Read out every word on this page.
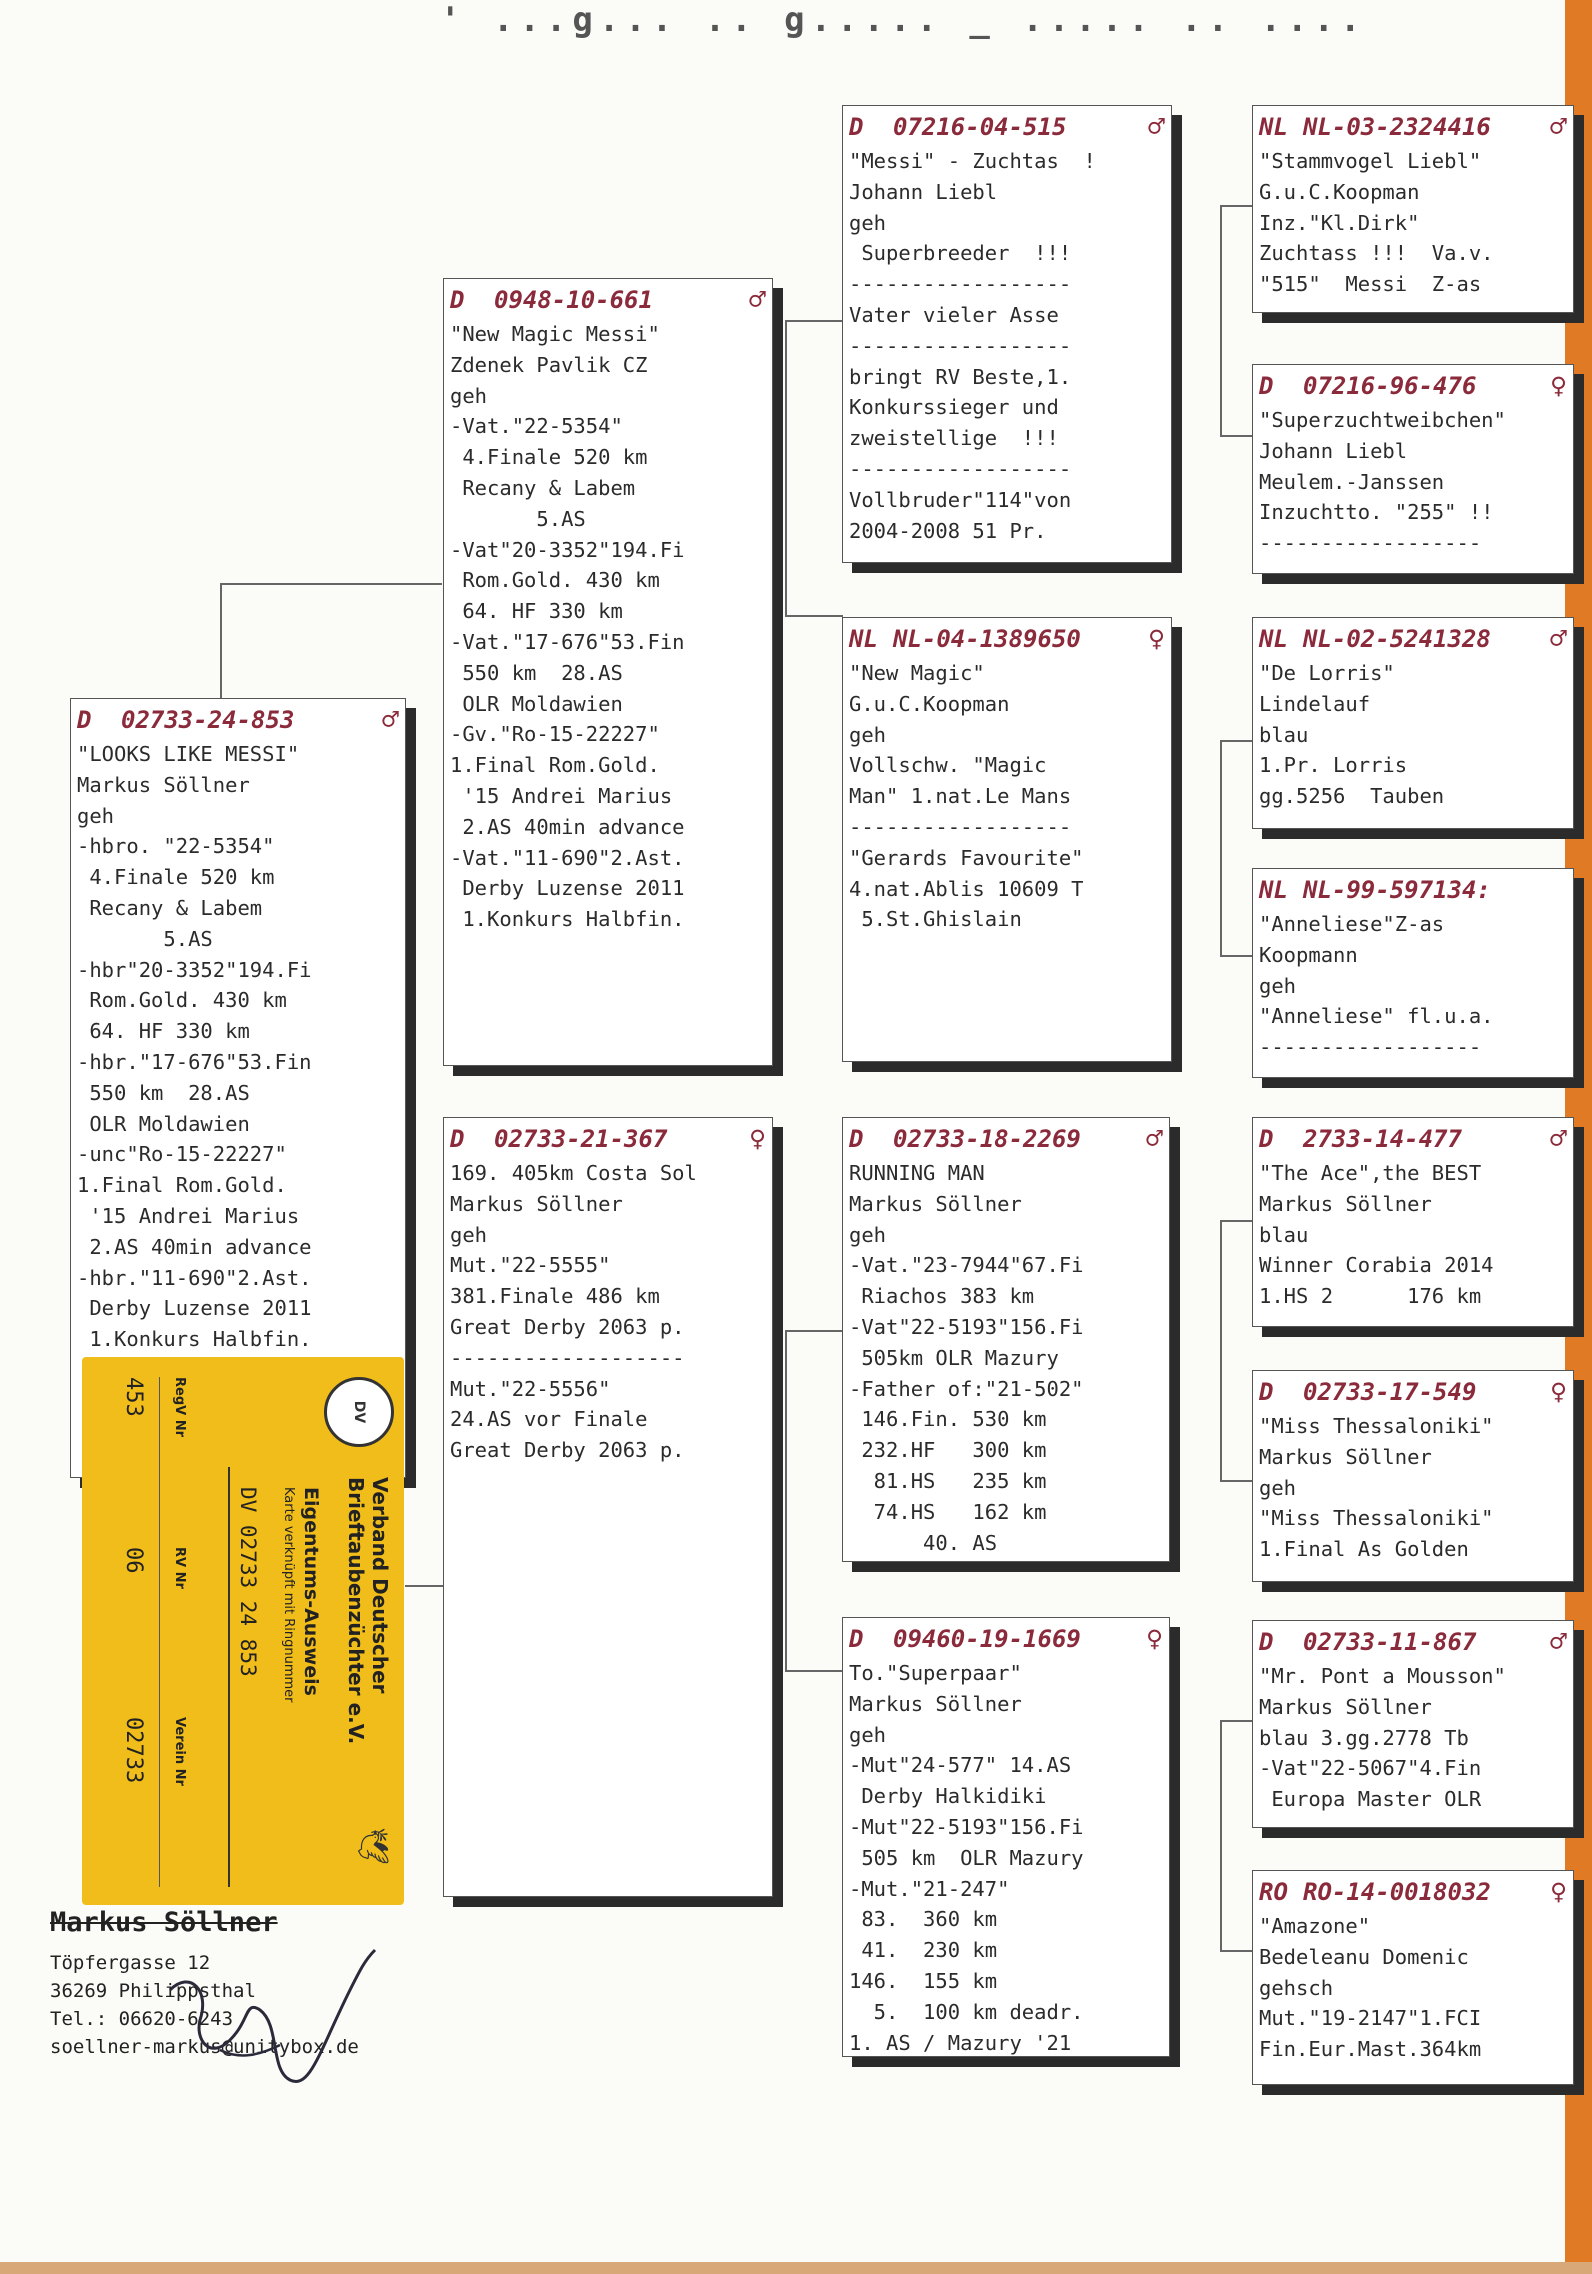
' ...g... .. g..... _ ..... .. ....
D	02733-24-853	♂
"LOOKS LIKE MESSI"
Markus Söllner
geh
-hbro. "22-5354"
4.Finale 520 km
Recany & Labem
5.AS
-hbr"20-3352"194.Fi
Rom.Gold. 430 km
64. HF 330 km
-hbr."17-676"53.Fin
550 km  28.AS
OLR Moldawien
-unc"Ro-15-22227"
1.Final Rom.Gold.
'15 Andrei Marius
2.AS 40min advance
-hbr."11-690"2.Ast.
Derby Luzense 2011
1.Konkurs Halbfin.
D	0948-10-661	♂
"New Magic Messi"
Zdenek Pavlik CZ
geh
-Vat."22-5354"
4.Finale 520 km
Recany & Labem
5.AS
-Vat"20-3352"194.Fi
Rom.Gold. 430 km
64. HF 330 km
-Vat."17-676"53.Fin
550 km  28.AS
OLR Moldawien
-Gv."Ro-15-22227"
1.Final Rom.Gold.
'15 Andrei Marius
2.AS 40min advance
-Vat."11-690"2.Ast.
Derby Luzense 2011
1.Konkurs Halbfin.
D	02733-21-367	♀
169. 405km Costa Sol
Markus Söllner
geh
Mut."22-5555"
381.Finale 486 km
Great Derby 2063 p.
-------------------
Mut."22-5556"
24.AS vor Finale
Great Derby 2063 p.
D	07216-04-515	♂
"Messi" - Zuchtas  !
Johann Liebl
geh
Superbreeder  !!!
------------------
Vater vieler Asse
------------------
bringt RV Beste,1.
Konkurssieger und
zweistellige  !!!
------------------
Vollbruder"114"von
2004-2008 51 Pr.
NL NL-04-1389650	♀
"New Magic"
G.u.C.Koopman
geh
Vollschw. "Magic
Man" 1.nat.Le Mans
------------------
"Gerards Favourite"
4.nat.Ablis 10609 T
5.St.Ghislain
D	02733-18-2269	♂
RUNNING MAN
Markus Söllner
geh
-Vat."23-7944"67.Fi
Riachos 383 km
-Vat"22-5193"156.Fi
505km OLR Mazury
-Father of:"21-502"
146.Fin. 530 km
232.HF   300 km
81.HS   235 km
74.HS   162 km
40. AS
D	09460-19-1669	♀
To."Superpaar"
Markus Söllner
geh
-Mut"24-577" 14.AS
Derby Halkidiki
-Mut"22-5193"156.Fi
505 km  OLR Mazury
-Mut."21-247"
83.  360 km
41.  230 km
146.  155 km
5.  100 km deadr.
1. AS / Mazury '21
NL NL-03-2324416	♂
"Stammvogel Liebl"
G.u.C.Koopman
Inz."Kl.Dirk"
Zuchtass !!!  Va.v.
"515"  Messi  Z-as
D	07216-96-476	♀
"Superzuchtweibchen"
Johann Liebl
Meulem.-Janssen
Inzuchtto. "255" !!
------------------
NL NL-02-5241328	♂
"De Lorris"
Lindelauf
blau
1.Pr. Lorris
gg.5256  Tauben
NL NL-99-597134:
"Anneliese"Z-as
Koopmann
geh
"Anneliese" fl.u.a.
------------------
D	2733-14-477	♂
"The Ace",the BEST
Markus Söllner
blau
Winner Corabia 2014
1.HS 2      176 km
D	02733-17-549	♀
"Miss Thessaloniki"
Markus Söllner
geh
"Miss Thessaloniki"
1.Final As Golden
D	02733-11-867	♂
"Mr. Pont a Mousson"
Markus Söllner
blau 3.gg.2778 Tb
-Vat"22-5067"4.Fin
Europa Master OLR
RO RO-14-0018032	♀
"Amazone"
Bedeleanu Domenic
gehsch
Mut."19-2147"1.FCI
Fin.Eur.Mast.364km
DV
Verband Deutscher
Brieftaubenzüchter e.V.
🕊
Eigentums-Ausweis
Karte verknüpft mit Ringnummer
DV 02733 24 853
RegV Nr
RV Nr
Verein Nr
453
06
02733
Markus Söllner
Töpfergasse 12
36269 Philippsthal
Tel.: 06620-6243
soellner-markus@unitybox.de
